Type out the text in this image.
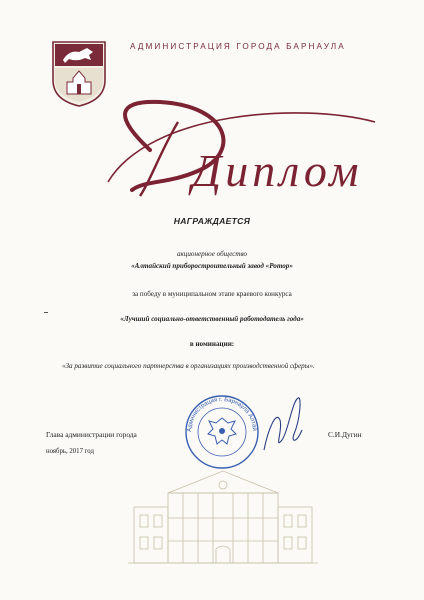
АДМИНИСТРАЦИЯ ГОРОДА БАРНАУЛА
Диплом
НАГРАЖДАЕТСЯ
акционерное общество
«Алтайский приборостроительный завод «Ротор»
за победу в муниципальном этапе краевого конкурса
«Лучший социально-ответственный работодатель года»
в номинации:
«За развитие социального партнерства в организациях производственной сферы».
Администрация г. Барнаула Алтай
Глава администрации города	С.И.Дугин
ноябрь, 2017 год
